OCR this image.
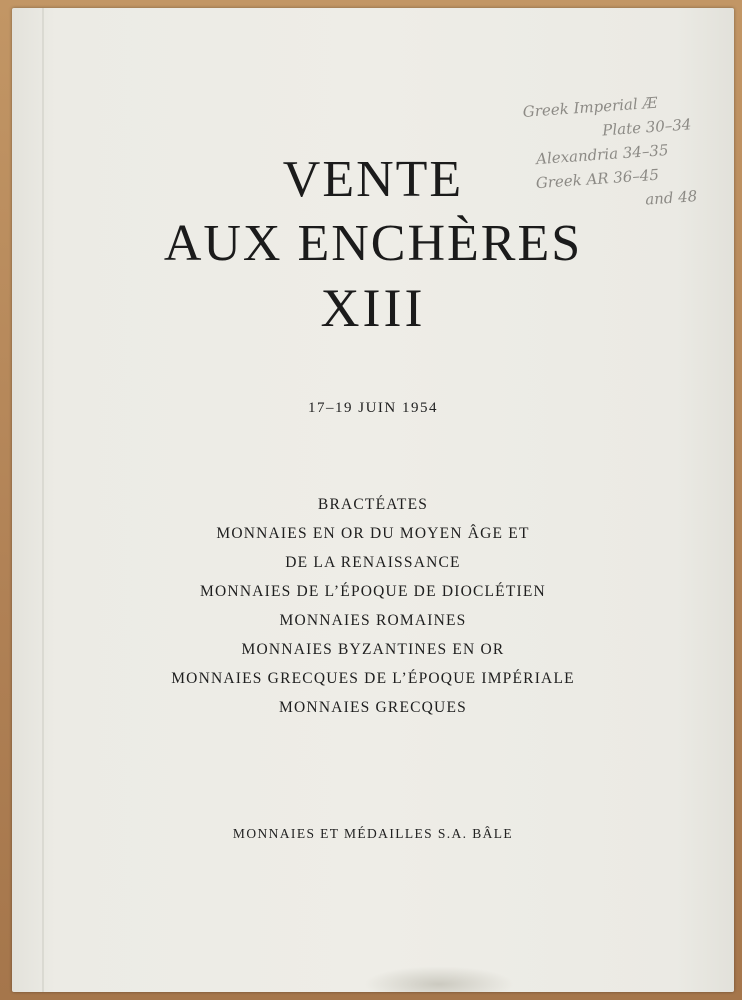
VENTE
AUX ENCHÈRES
XIII
17–19 JUIN 1954
BRACTÉATES
MONNAIES EN OR DU MOYEN ÂGE ET
DE LA RENAISSANCE
MONNAIES DE L’ÉPOQUE DE DIOCLÉTIEN
MONNAIES ROMAINES
MONNAIES BYZANTINES EN OR
MONNAIES GRECQUES DE L’ÉPOQUE IMPÉRIALE
MONNAIES GRECQUES
MONNAIES ET MÉDAILLES S.A. BÂLE
Greek Imperial Æ
Plate 30–34
Alexandria 34–35
Greek AR 36–45
and 48
